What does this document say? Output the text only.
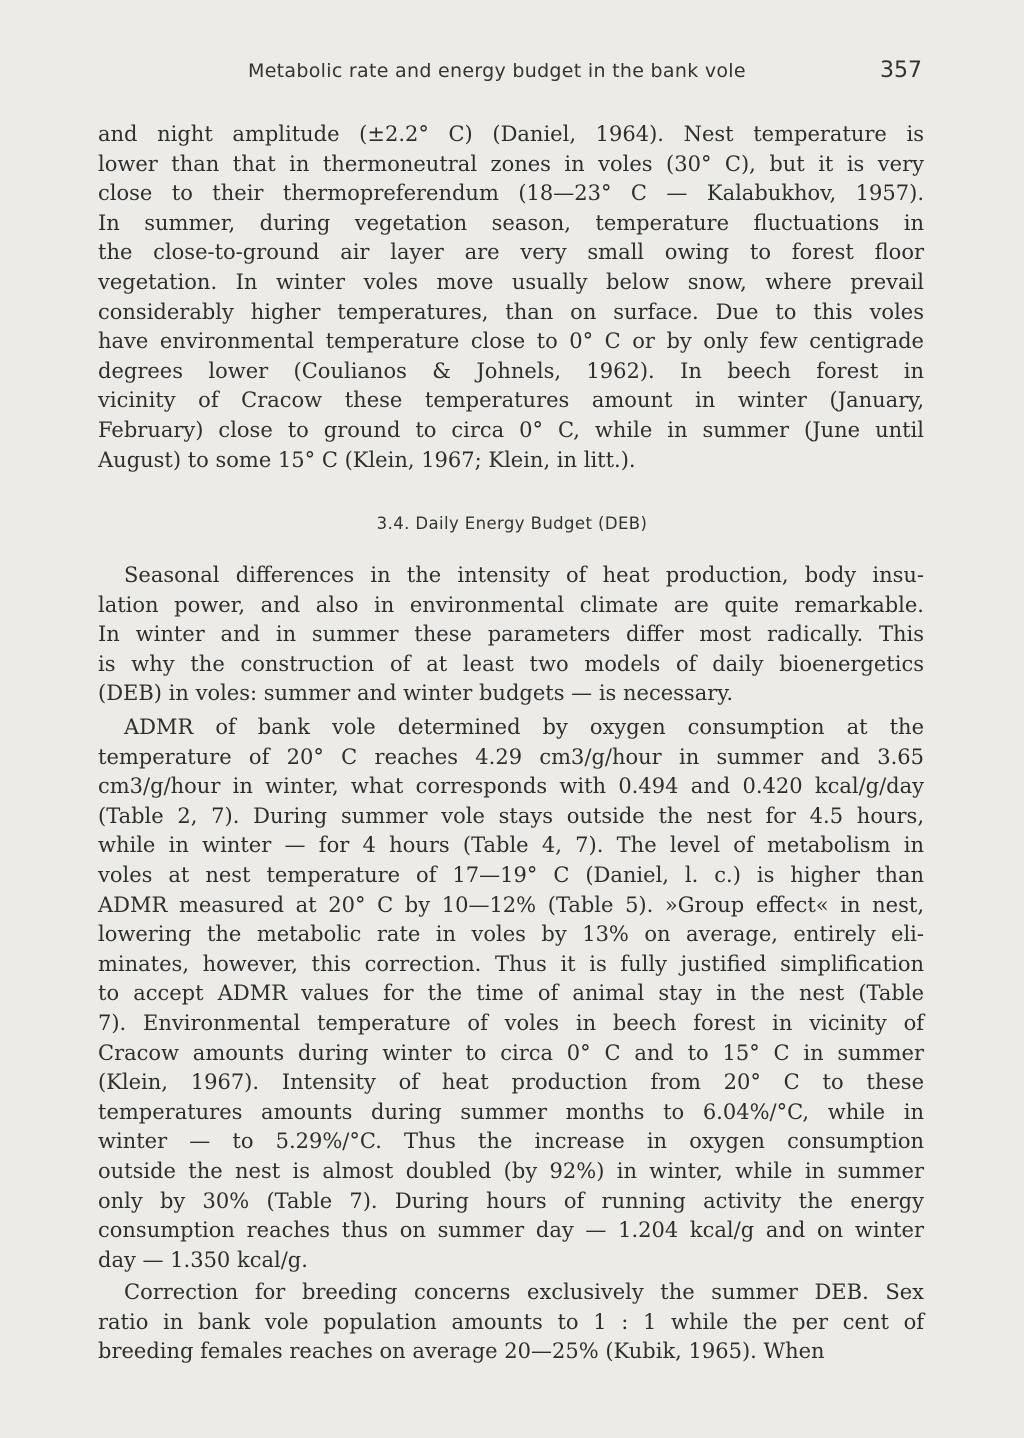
Metabolic rate and energy budget in the bank vole	357

and night amplitude (±2.2° C) (Daniel, 1964). Nest temperature is

lower than that in thermoneutral zones in voles (30° C), but it is very

close to their thermopreferendum (18—23° C — Kalabukhov, 1957).

In summer, during vegetation season, temperature fluctuations in

the close-to-ground air layer are very small owing to forest floor

vegetation. In winter voles move usually below snow, where prevail

considerably higher temperatures, than on surface. Due to this voles

have environmental temperature close to 0° C or by only few centigrade

degrees lower (Coulianos & Johnels, 1962). In beech forest in

vicinity of Cracow these temperatures amount in winter (January,

February) close to ground to circa 0° C, while in summer (June until

August) to some 15° C (Klein, 1967; Klein, in litt.).

3.4. Daily Energy Budget (DEB)

Seasonal differences in the intensity of heat production, body insu-

lation power, and also in environmental climate are quite remarkable.

In winter and in summer these parameters differ most radically. This

is why the construction of at least two models of daily bioenergetics

(DEB) in voles: summer and winter budgets — is necessary.

ADMR of bank vole determined by oxygen consumption at the

temperature of 20° C reaches 4.29 cm3/g/hour in summer and 3.65

cm3/g/hour in winter, what corresponds with 0.494 and 0.420 kcal/g/day

(Table 2, 7). During summer vole stays outside the nest for 4.5 hours,

while in winter — for 4 hours (Table 4, 7). The level of metabolism in

voles at nest temperature of 17—19° C (Daniel, l. c.) is higher than

ADMR measured at 20° C by 10—12% (Table 5). »Group effect« in nest,

lowering the metabolic rate in voles by 13% on average, entirely eli-

minates, however, this correction. Thus it is fully justified simplification

to accept ADMR values for the time of animal stay in the nest (Table

7). Environmental temperature of voles in beech forest in vicinity of

Cracow amounts during winter to circa 0° C and to 15° C in summer

(Klein, 1967). Intensity of heat production from 20° C to these

temperatures amounts during summer months to 6.04%/°C, while in

winter — to 5.29%/°C. Thus the increase in oxygen consumption

outside the nest is almost doubled (by 92%) in winter, while in summer

only by 30% (Table 7). During hours of running activity the energy

consumption reaches thus on summer day — 1.204 kcal/g and on winter

day — 1.350 kcal/g.

Correction for breeding concerns exclusively the summer DEB. Sex

ratio in bank vole population amounts to 1 : 1 while the per cent of

breeding females reaches on average 20—25% (Kubik, 1965). When
